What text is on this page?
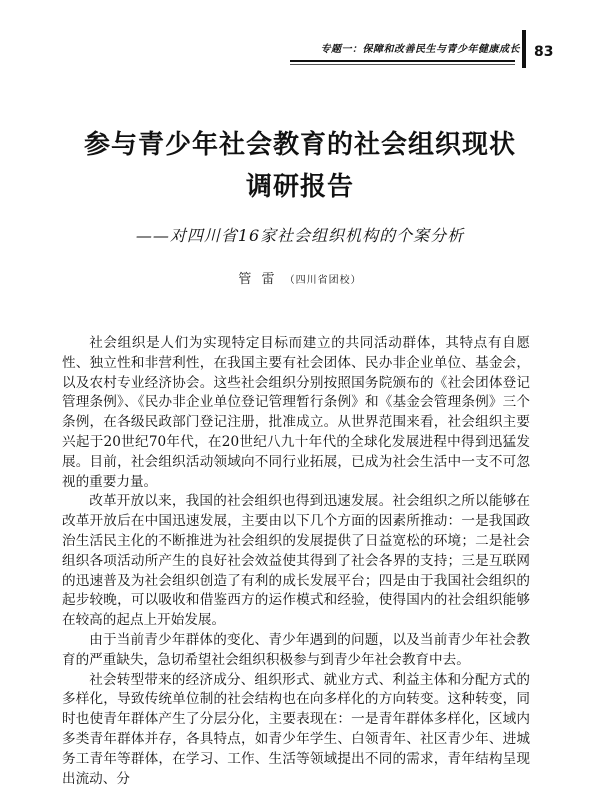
专题一：保障和改善民生与青少年健康成长 83
参与青少年社会教育的社会组织现状
调研报告
——对四川省16家社会组织机构的个案分析
管 雷 （四川省团校）

社会组织是人们为实现特定目标而建立的共同活动群体，其特点有自愿性、独立性和非营利性，在我国主要有社会团体、民办非企业单位、基金会，以及农村专业经济协会。这些社会组织分别按照国务院颁布的《社会团体登记管理条例》、《民办非企业单位登记管理暂行条例》和《基金会管理条例》三个条例，在各级民政部门登记注册，批准成立。从世界范围来看，社会组织主要兴起于20世纪70年代，在20世纪八九十年代的全球化发展进程中得到迅猛发展。目前，社会组织活动领域向不同行业拓展，已成为社会生活中一支不可忽视的重要力量。

改革开放以来，我国的社会组织也得到迅速发展。社会组织之所以能够在改革开放后在中国迅速发展，主要由以下几个方面的因素所推动：一是我国政治生活民主化的不断推进为社会组织的发展提供了日益宽松的环境；二是社会组织各项活动所产生的良好社会效益使其得到了社会各界的支持；三是互联网的迅速普及为社会组织创造了有利的成长发展平台；四是由于我国社会组织的起步较晚，可以吸收和借鉴西方的运作模式和经验，使得国内的社会组织能够在较高的起点上开始发展。

由于当前青少年群体的变化、青少年遇到的问题，以及当前青少年社会教育的严重缺失，急切希望社会组织积极参与到青少年社会教育中去。

社会转型带来的经济成分、组织形式、就业方式、利益主体和分配方式的多样化，导致传统单位制的社会结构也在向多样化的方向转变。这种转变，同时也使青年群体产生了分层分化，主要表现在：一是青年群体多样化，区域内多类青年群体并存，各具特点，如青少年学生、白领青年、社区青少年、进城务工青年等群体，在学习、工作、生活等领域提出不同的需求，青年结构呈现出流动、分
